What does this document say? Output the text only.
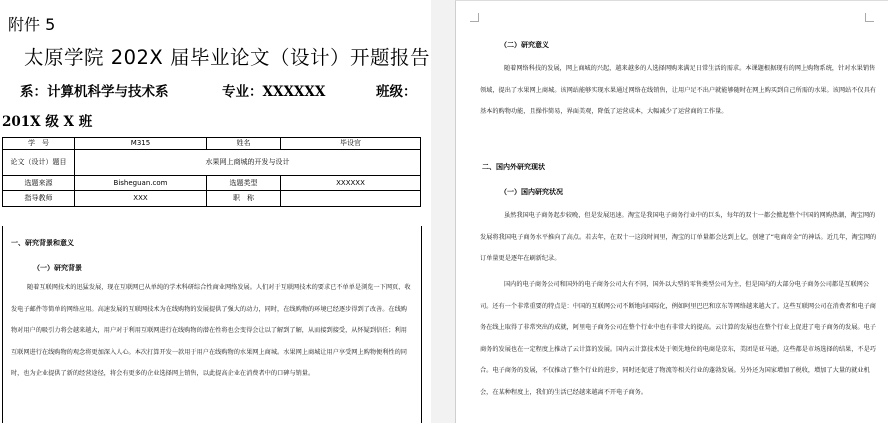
附件 5
太原学院 202X 届毕业论文（设计）开题报告
系：计算机科学与技术系	专业：XXXXXX	班级：
201X 级 X 班
学　号	M315	姓名	毕设官
论文（设计）题目	水果网上商城的开发与设计		
选题来源	Bisheguan.com	选题类型	XXXXXX
指导教师	XXX	职　称	
一、研究背景和意义
（一）研究背景
随着互联网技术的迅猛发展，现在互联网已从单纯的学术科研综合性商业网络发展。人们对于互联网技术的要求已不单单是浏览一下网页、收发电子邮件等简单的网络应用。高速发展的互联网技术为在线购物的发展提供了强大的动力，同时，在线购物的环境已经逐步得到了改善。在线购物对用户的吸引力将会越来越大，用户对于利用互联网进行在线购物的潜在性将也会变得会让以了解到了解，从而接到接受，从怀疑到信任；利用互联网进行在线购物的观念将更加深入人心。本次打算开发一款用于用户在线购物的水果网上商城。水果网上商城让用户享受网上购物便利性的同时，也为企业提供了新的经营途径，将会有更多的企业选择网上销售，以此提高企业在消费者中的口碑与销量。
（二）研究意义
随着网络科技的发展，网上商城的兴起，越来越多的人选择网购来满足日常生活的需求。本课题根据现有的网上购物系统，针对水果销售领域，提出了水果网上商城。该网站能够实现水果通过网络在线销售，让用户足不出户就能够随时在网上购买到自己所需的水果。该网站不仅具有基本的购物功能，且操作简易，界面美观，降低了运营成本，大幅减少了运营商的工作量。
二、国内外研究现状
（一）国内研究状况
虽然我国电子商务起步较晚，但是发展迅速。淘宝是我国电子商务行业中的巨头，每年的双十一都会掀起整个中国的网购热潮，淘宝网的发展将我国电子商务水平推向了高点。若去年，在双十一这段时间里，淘宝的订单量都会达到上亿，创建了“电商奇金”的神话。近几年，淘宝网的订单量更是逐年在刷新纪录。
国内的电子商务公司和国外的电子商务公司大有不同，国外以大型的零售类型公司为主，但是国内的大部分电子商务公司都是互联网公司。还有一个非常重要的特点是：中国的互联网公司不断地向国际化，例如阿里巴巴和京东等网络越来越大了。这些互联网公司在消费者和电子商务在线上取得了非常突出的成就，阿里电子商务公司在整个行业中也有非常大的提高。云计算的发展也在整个行业上促进了电子商务的发展。电子商务的发展也在一定程度上推动了云计算的发展。国内云计算技术处于领先地位的电商是京东，美团是亚马逊，这些都是市场选择的结果，不是巧合。电子商务的发展，不仅推动了整个行业的进步，同时还促进了物流等相关行业的蓬勃发展。另外还为国家增加了税收，增加了大量的就业机会，在某种程度上，我们的生活已经越来越离不开电子商务。
